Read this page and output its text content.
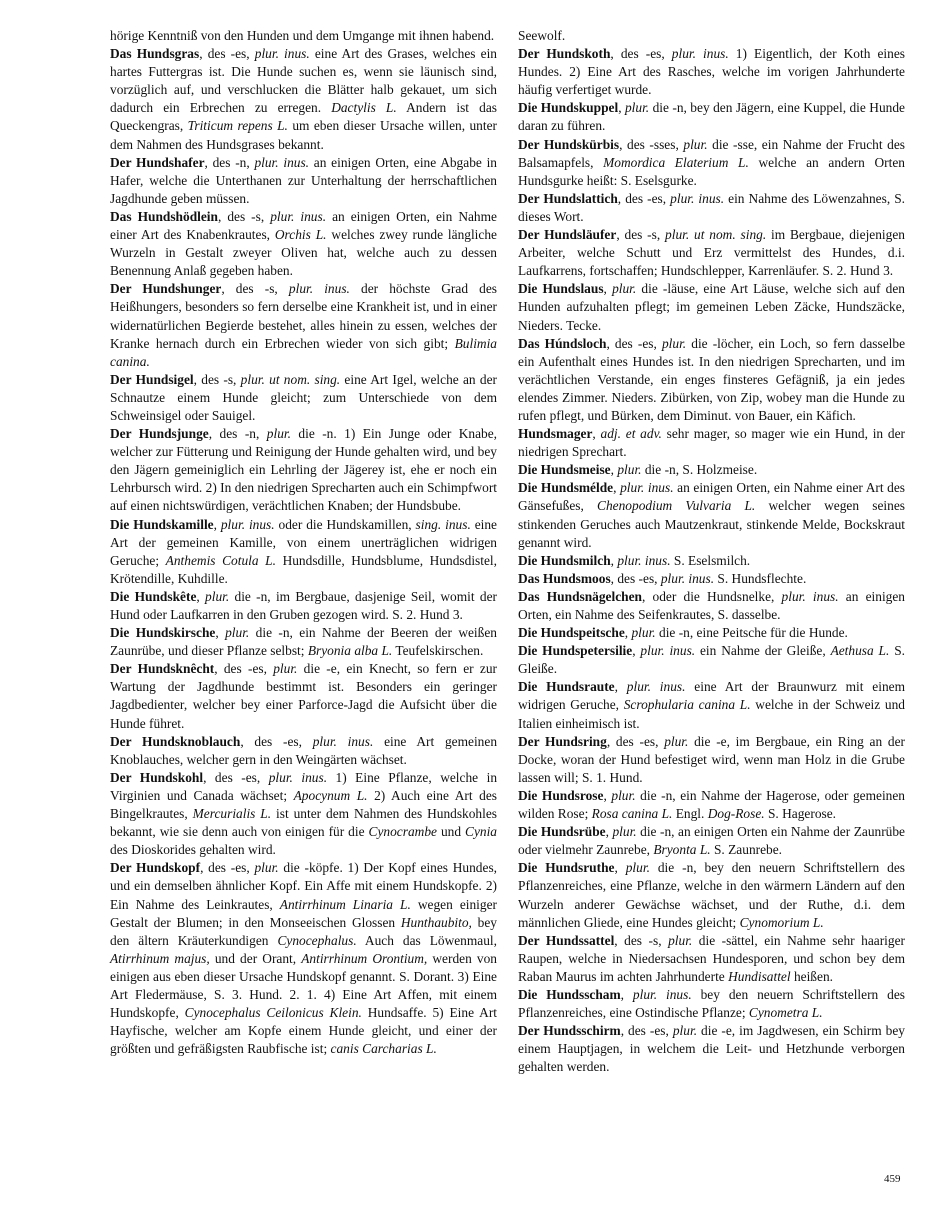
hörige Kenntniß von den Hunden und dem Umgange mit ihnen habend.
Das Hundsgras, des -es, plur. inus. eine Art des Grases, welches ein hartes Futtergras ist. Die Hunde suchen es, wenn sie läunisch sind, vorzüglich auf, und verschlucken die Blätter halb gekauet, um sich dadurch ein Erbrechen zu erregen. Dactylis L. Andern ist das Queckengras, Triticum repens L. um eben dieser Ursache willen, unter dem Nahmen des Hundsgrases bekannt.
Der Hundshafer, des -n, plur. inus. an einigen Orten, eine Abgabe in Hafer, welche die Unterthanen zur Unterhaltung der herrschaftlichen Jagdhunde geben müssen.
Das Hundshödlein, des -s, plur. inus. an einigen Orten, ein Nahme einer Art des Knabenkrautes, Orchis L. welches zwey runde längliche Wurzeln in Gestalt zweyer Oliven hat, welche auch zu dessen Benennung Anlaß gegeben haben.
Der Hundshunger, des -s, plur. inus. der höchste Grad des Heißhungers, besonders so fern derselbe eine Krankheit ist, und in einer widernatürlichen Begierde bestehet, alles hinein zu essen, welches der Kranke hernach durch ein Erbrechen wieder von sich gibt; Bulimia canina.
Der Hundsigel, des -s, plur. ut nom. sing. eine Art Igel, welche an der Schnautze einem Hunde gleicht; zum Unterschiede von dem Schweinsigel oder Sauigel.
Der Hundsjunge, des -n, plur. die -n. 1) Ein Junge oder Knabe, welcher zur Fütterung und Reinigung der Hunde gehalten wird, und bey den Jägern gemeiniglich ein Lehrling der Jägerey ist, ehe er noch ein Lehrbursch wird. 2) In den niedrigen Sprecharten auch ein Schimpfwort auf einen nichtswürdigen, verächtlichen Knaben; der Hundsbube.
Die Hundskamille, plur. inus. oder die Hundskamillen, sing. inus. eine Art der gemeinen Kamille, von einem unerträglichen widrigen Geruche; Anthemis Cotula L. Hundsdille, Hundsblume, Hundsdistel, Krötendille, Kuhdille.
Die Hundskête, plur. die -n, im Bergbaue, dasjenige Seil, womit der Hund oder Laufkarren in den Gruben gezogen wird. S. 2. Hund 3.
Die Hundskirsche, plur. die -n, ein Nahme der Beeren der weißen Zaunrübe, und dieser Pflanze selbst; Bryonia alba L. Teufelskirschen.
Der Hundsknêcht, des -es, plur. die -e, ein Knecht, so fern er zur Wartung der Jagdhunde bestimmt ist. Besonders ein geringer Jagdbedienter, welcher bey einer Parforce-Jagd die Aufsicht über die Hunde führet.
Der Hundsknoblauch, des -es, plur. inus. eine Art gemeinen Knoblauches, welcher gern in den Weingärten wächset.
Der Hundskohl, des -es, plur. inus. 1) Eine Pflanze, welche in Virginien und Canada wächset; Apocynum L. 2) Auch eine Art des Bingelkrautes, Mercurialis L. ist unter dem Nahmen des Hundskohles bekannt, wie sie denn auch von einigen für die Cynocrambe und Cynia des Dioskorides gehalten wird.
Der Hundskopf, des -es, plur. die -köpfe. 1) Der Kopf eines Hundes, und ein demselben ähnlicher Kopf. Ein Affe mit einem Hundskopfe. 2) Ein Nahme des Leinkrautes, Antirrhinum Linaria L. wegen einiger Gestalt der Blumen; in den Monseeischen Glossen Hunthaubito, bey den ältern Kräuterkundigen Cynocephalus. Auch das Löwenmaul, Atirrhinum majus, und der Orant, Antirrhinum Orontium, werden von einigen aus eben dieser Ursache Hundskopf genannt. S. Dorant. 3) Eine Art Fledermäuse, S. 3. Hund. 2. 1. 4) Eine Art Affen, mit einem Hundskopfe, Cynocephalus Ceilonicus Klein. Hundsaffe. 5) Eine Art Hayfische, welcher am Kopfe einem Hunde gleicht, und einer der größten und gefräßigsten Raubfische ist; canis Carcharias L.
Seewolf.
Der Hundskoth, des -es, plur. inus. 1) Eigentlich, der Koth eines Hundes. 2) Eine Art des Rasches, welche im vorigen Jahrhunderte häufig verfertiget wurde.
Die Hundskuppel, plur. die -n, bey den Jägern, eine Kuppel, die Hunde daran zu führen.
Der Hundskürbis, des -sses, plur. die -sse, ein Nahme der Frucht des Balsamapfels, Momordica Elaterium L. welche an andern Orten Hundsgurke heißt: S. Eselsgurke.
Der Hundslattich, des -es, plur. inus. ein Nahme des Löwenzahnes, S. dieses Wort.
Der Hundsläufer, des -s, plur. ut nom. sing. im Bergbaue, diejenigen Arbeiter, welche Schutt und Erz vermittelst des Hundes, d.i. Laufkarrens, fortschaffen; Hundschlepper, Karrenläufer. S. 2. Hund 3.
Die Hundslaus, plur. die -läuse, eine Art Läuse, welche sich auf den Hunden aufzuhalten pflegt; im gemeinen Leben Zäcke, Hundszäcke, Nieders. Tecke.
Das Húndsloch, des -es, plur. die -löcher, ein Loch, so fern dasselbe ein Aufenthalt eines Hundes ist. In den niedrigen Sprecharten, und im verächtlichen Verstande, ein enges finsteres Gefägniß, ja ein jedes elendes Zimmer. Nieders. Zibürken, von Zip, wobey man die Hunde zu rufen pflegt, und Bürken, dem Diminut. von Bauer, ein Käfich.
Hundsmager, adj. et adv. sehr mager, so mager wie ein Hund, in der niedrigen Sprechart.
Die Hundsmeise, plur. die -n, S. Holzmeise.
Die Hundsmélde, plur. inus. an einigen Orten, ein Nahme einer Art des Gänsefußes, Chenopodium Vulvaria L. welcher wegen seines stinkenden Geruches auch Mautzenkraut, stinkende Melde, Bockskraut genannt wird.
Die Hundsmilch, plur. inus. S. Eselsmilch.
Das Hundsmoos, des -es, plur. inus. S. Hundsflechte.
Das Hundsnägelchen, oder die Hundsnelke, plur. inus. an einigen Orten, ein Nahme des Seifenkrautes, S. dasselbe.
Die Hundspeitsche, plur. die -n, eine Peitsche für die Hunde.
Die Hundspetersilie, plur. inus. ein Nahme der Gleiße, Aethusa L. S. Gleiße.
Die Hundsraute, plur. inus. eine Art der Braunwurz mit einem widrigen Geruche, Scrophularia canina L. welche in der Schweiz und Italien einheimisch ist.
Der Hundsring, des -es, plur. die -e, im Bergbaue, ein Ring an der Docke, woran der Hund befestiget wird, wenn man Holz in die Grube lassen will; S. 1. Hund.
Die Hundsrose, plur. die -n, ein Nahme der Hagerose, oder gemeinen wilden Rose; Rosa canina L. Engl. Dog-Rose. S. Hagerose.
Die Hundsrübe, plur. die -n, an einigen Orten ein Nahme der Zaunrübe oder vielmehr Zaunrebe, Bryonta L. S. Zaunrebe.
Die Hundsruthe, plur. die -n, bey den neuern Schriftstellern des Pflanzenreiches, eine Pflanze, welche in den wärmern Ländern auf den Wurzeln anderer Gewächse wächset, und der Ruthe, d.i. dem männlichen Gliede, eine Hundes gleicht; Cynomorium L.
Der Hundssattel, des -s, plur. die -sättel, ein Nahme sehr haariger Raupen, welche in Niedersachsen Hundesporen, und schon bey dem Raban Maurus im achten Jahrhunderte Hundisattel heißen.
Die Hundsscham, plur. inus. bey den neuern Schriftstellern des Pflanzenreiches, eine Ostindische Pflanze; Cynometra L.
Der Hundsschirm, des -es, plur. die -e, im Jagdwesen, ein Schirm bey einem Hauptjagen, in welchem die Leit- und Hetzhunde verborgen gehalten werden.
459
